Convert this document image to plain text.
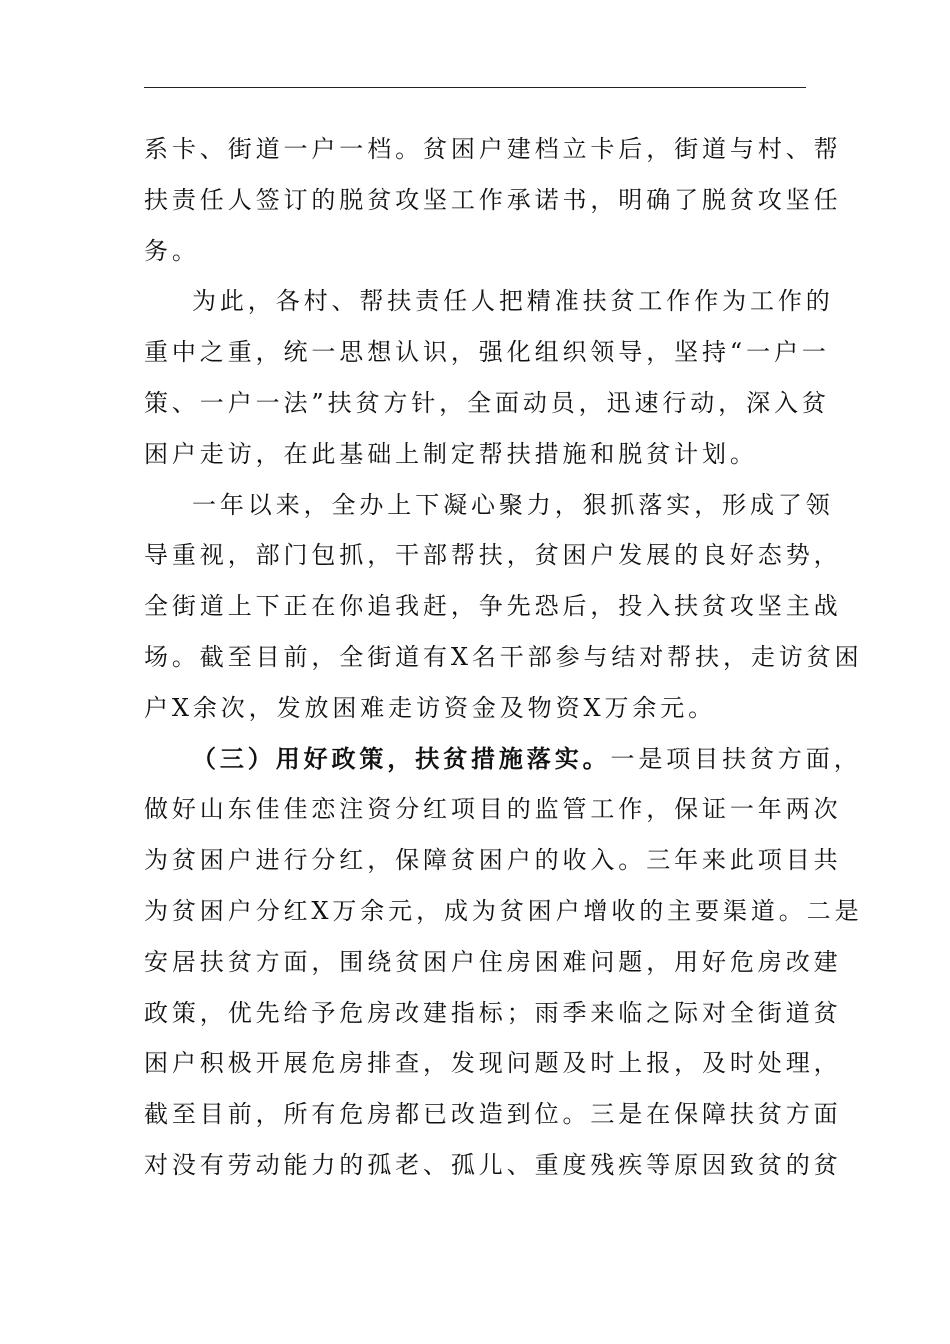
系卡、街道一户一档。贫困户建档立卡后，街道与村、帮
扶责任人签订的脱贫攻坚工作承诺书，明确了脱贫攻坚任
务。
为此，各村、帮扶责任人把精准扶贫工作作为工作的
重中之重，统一思想认识，强化组织领导，坚持“一户一
策、一户一法”扶贫方针，全面动员，迅速行动，深入贫
困户走访，在此基础上制定帮扶措施和脱贫计划。
一年以来，全办上下凝心聚力，狠抓落实，形成了领
导重视，部门包抓，干部帮扶，贫困户发展的良好态势，
全街道上下正在你追我赶，争先恐后，投入扶贫攻坚主战
场。截至目前，全街道有X名干部参与结对帮扶，走访贫困
户X余次，发放困难走访资金及物资X万余元。
（三）用好政策，扶贫措施落实。一是项目扶贫方面，
做好山东佳佳恋注资分红项目的监管工作，保证一年两次
为贫困户进行分红，保障贫困户的收入。三年来此项目共
为贫困户分红X万余元，成为贫困户增收的主要渠道。二是
安居扶贫方面，围绕贫困户住房困难问题，用好危房改建
政策，优先给予危房改建指标；雨季来临之际对全街道贫
困户积极开展危房排查，发现问题及时上报，及时处理，
截至目前，所有危房都已改造到位。三是在保障扶贫方面
对没有劳动能力的孤老、孤儿、重度残疾等原因致贫的贫
